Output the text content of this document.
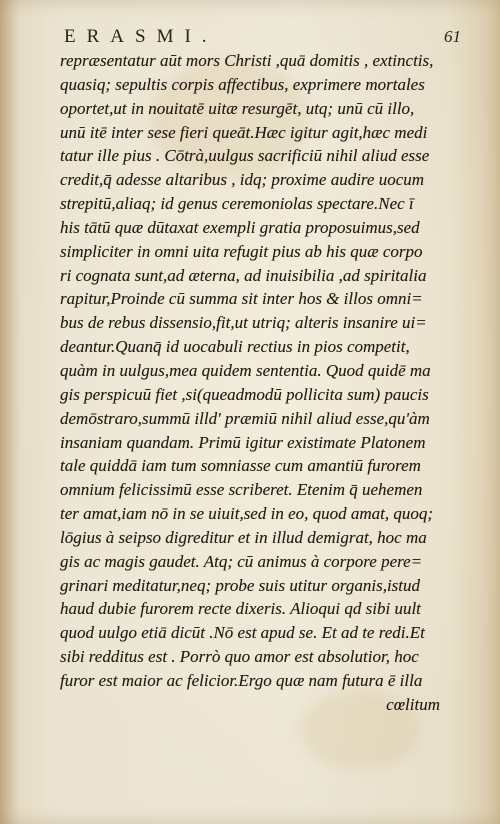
ERASMI.	61
repræsentatur aūt mors Christi ,quā domitis , extinctis,
quasiq; sepultis corpis affectibus, exprimere mortales
oportet,ut in nouitatē uitæ resurgēt, utq; unū cū illo,
unū itē inter sese fieri queāt.Hæc igitur agit,hæc medi
tatur ille pius . Cōtrà,uulgus sacrificiū nihil aliud esse
credit,q̄ adesse altaribus , idq; proxime audire uocum
strepitū,aliaq; id genus ceremoniolas spectare.Nec ī
his tātū quæ dūtaxat exempli gratia proposuimus,sed
simpliciter in omni uita refugit pius ab his quæ corpo
ri cognata sunt,ad æterna, ad inuisibilia ,ad spiritalia
rapitur,Proinde cū summa sit inter hos & illos omni=
bus de rebus dissensio,fit,ut utriq; alteris insanire ui=
deantur.Quanq̄ id uocabuli rectius in pios competit,
quàm in uulgus,mea quidem sententia. Quod quidē ma
gis perspicuū fiet ,si(queadmodū pollicita sum) paucis
demōstraro,summū illd' præmiū nihil aliud esse,qu'àm
insaniam quandam. Primū igitur existimate Platonem
tale quiddā iam tum somniasse cum amantiū furorem
omnium felicissimū esse scriberet. Etenim q̄ uehemen
ter amat,iam nō in se uiuit,sed in eo, quod amat, quoq;
lōgius à seipso digreditur et in illud demigrat, hoc ma
gis ac magis gaudet. Atq; cū animus à corpore pere=
grinari meditatur,neq; probe suis utitur organis,istud
haud dubie furorem recte dixeris. Alioqui qd sibi uult
quod uulgo etiā dicūt .Nō est apud se. Et ad te redi.Et
sibi redditus est . Porrò quo amor est absolutior, hoc
furor est maior ac felicior.Ergo quæ nam futura ē illa
cœlitum
